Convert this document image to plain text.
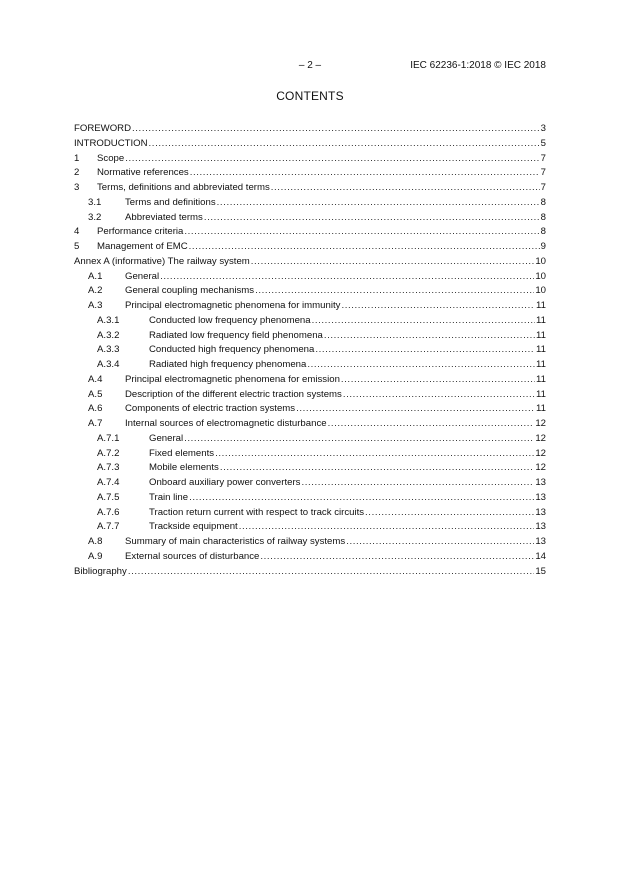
– 2 –	IEC 62236-1:2018 © IEC 2018
CONTENTS
FOREWORD .....	3
INTRODUCTION .....	5
1	Scope .....	7
2	Normative references .....	7
3	Terms, definitions and abbreviated terms .....	7
3.1	Terms and definitions .....	8
3.2	Abbreviated terms .....	8
4	Performance criteria .....	8
5	Management of EMC .....	9
Annex A (informative) The railway system .....	10
A.1	General .....	10
A.2	General coupling mechanisms .....	10
A.3	Principal electromagnetic phenomena for immunity .....	11
A.3.1	Conducted low frequency phenomena .....	11
A.3.2	Radiated low frequency field phenomena .....	11
A.3.3	Conducted high frequency phenomena .....	11
A.3.4	Radiated high frequency phenomena .....	11
A.4	Principal electromagnetic phenomena for emission .....	11
A.5	Description of the different electric traction systems .....	11
A.6	Components of electric traction systems .....	11
A.7	Internal sources of electromagnetic disturbance .....	12
A.7.1	General .....	12
A.7.2	Fixed elements .....	12
A.7.3	Mobile elements .....	12
A.7.4	Onboard auxiliary power converters .....	13
A.7.5	Train line .....	13
A.7.6	Traction return current with respect to track circuits .....	13
A.7.7	Trackside equipment .....	13
A.8	Summary of main characteristics of railway systems .....	13
A.9	External sources of disturbance .....	14
Bibliography .....	15
